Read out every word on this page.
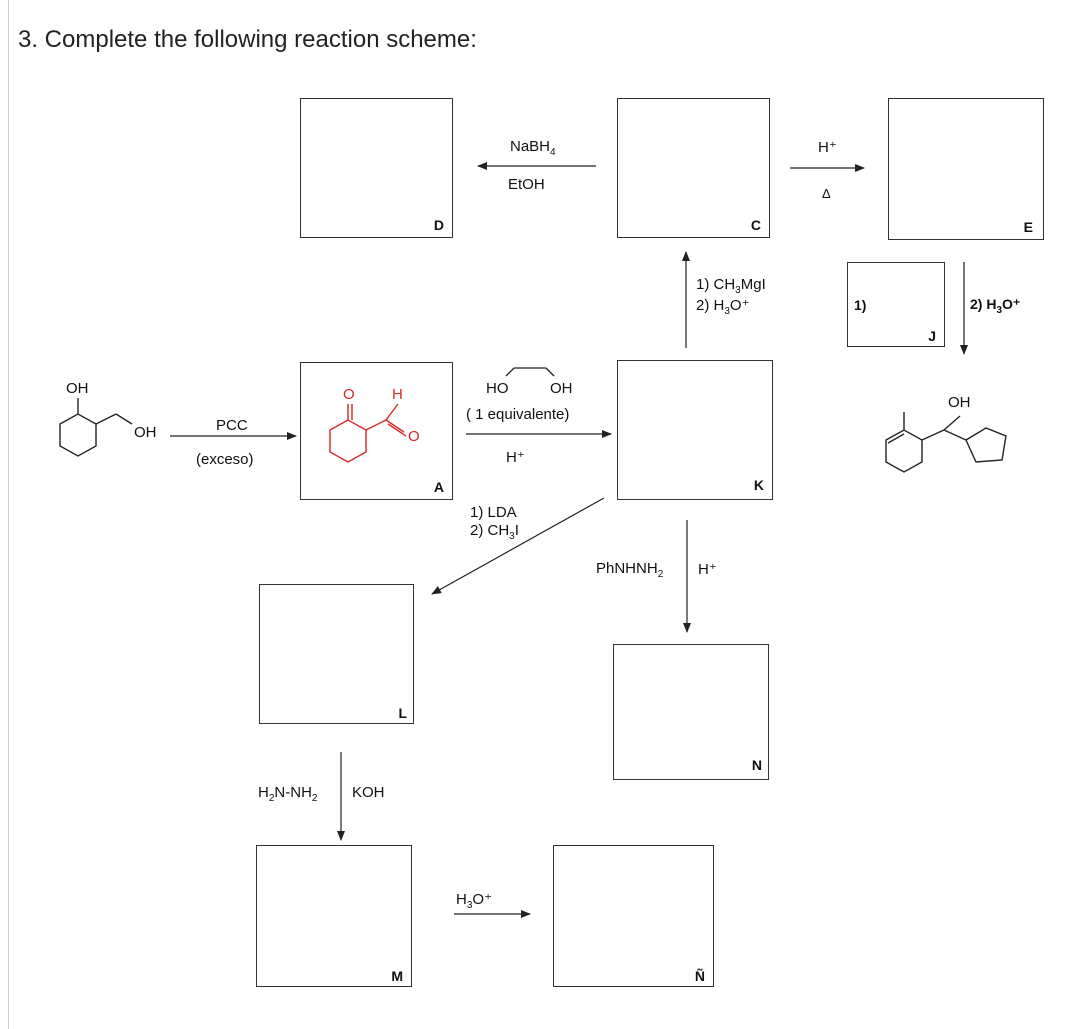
3. Complete the following reaction scheme:
D	C	E
1)
J
A	K
L
N
M	Ñ
OH
OH
O H
O
OH
NaBH$_4$
EtOH
H⁺
Δ
1) $CH_3MgI$
2) $H_3O^+$	2) $H_3O^+$
PCC
(exceso)
HO	OH
( 1 equivalente)
H⁺
1) LDA
2) $CH_3I$
PhNHNH$_2$ H⁺
$H_2N-NH_2$ KOH
$H_3O^+$
